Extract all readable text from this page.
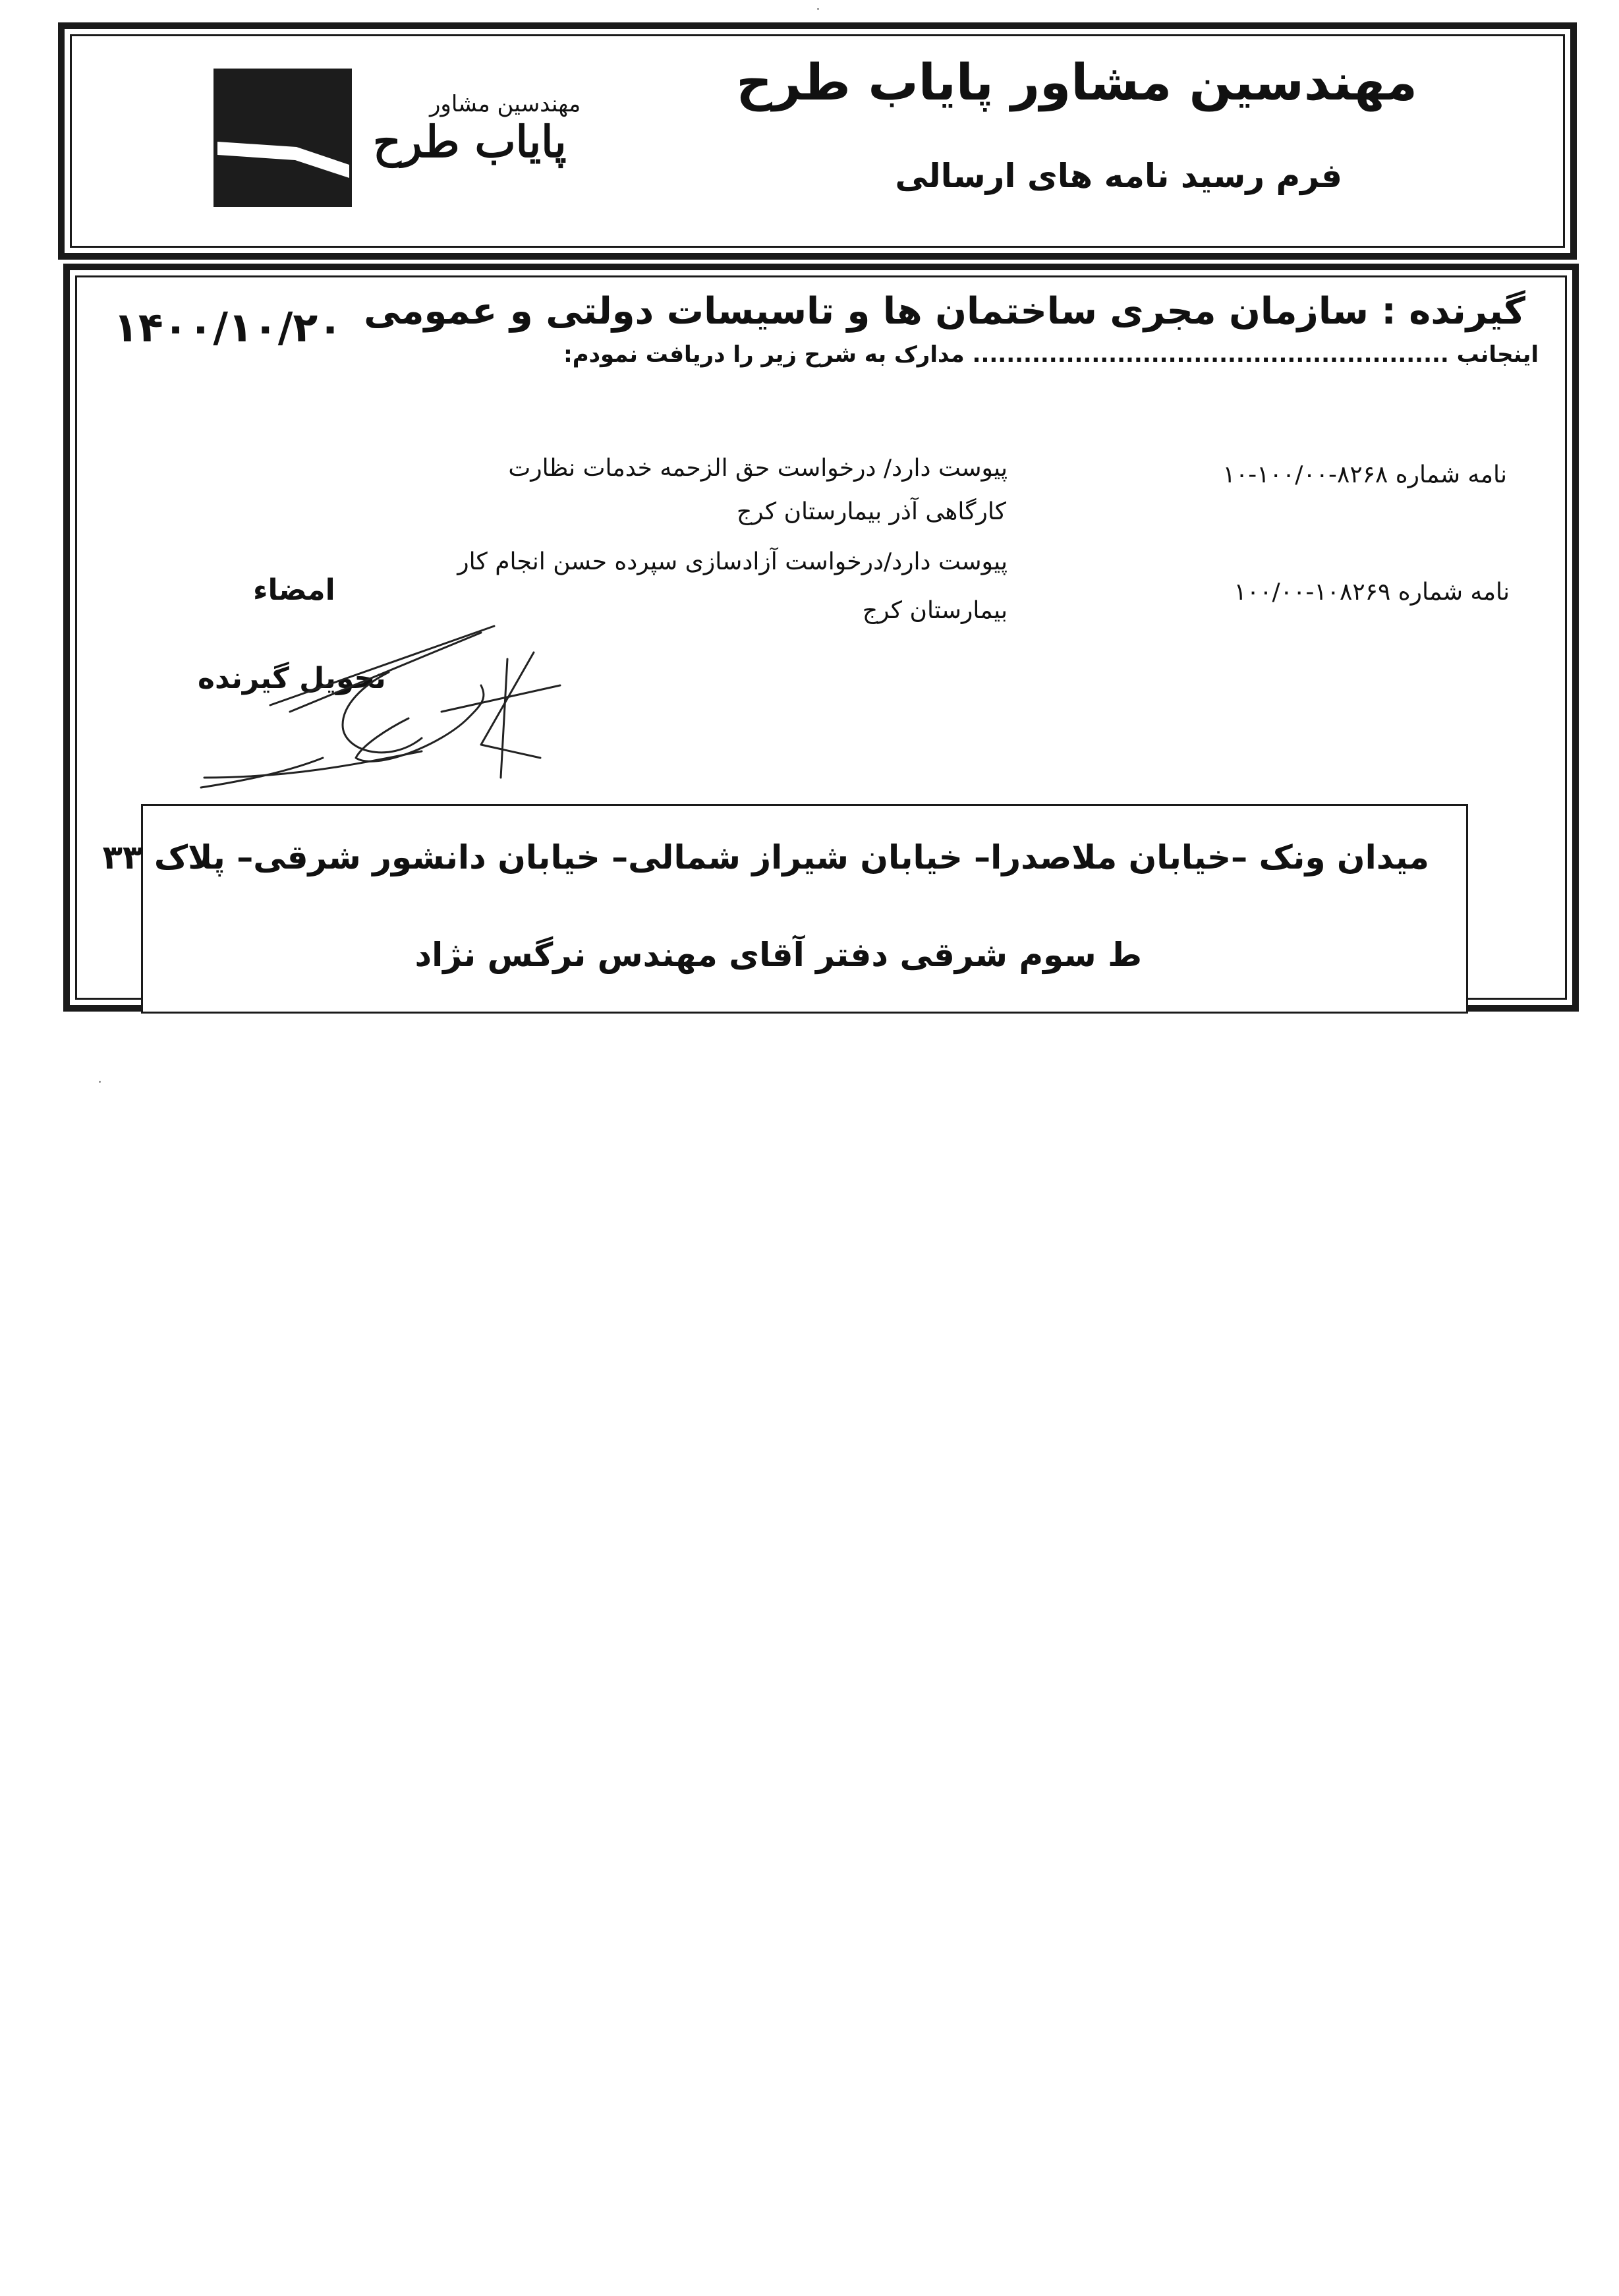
مهندسین مشاور
پایاب طرح
مهندسین مشاور پایاب طرح
فرم رسید نامه های ارسالی
گیرنده : سازمان مجری ساختمان ها و تاسیسات دولتی و عمومی
۱۴۰۰/۱۰/۲۰
اینجانب ........................................................ مدارک به شرح زیر را دریافت نمودم:
نامه شماره ۸۲۶۸-۱۰۰/۰۰-۱۰
پیوست دارد/ درخواست حق الزحمه خدمات نظارت
کارگاهی آذر بیمارستان کرج
نامه شماره ۱۰۸۲۶۹-۱۰۰/۰۰
پیوست دارد/درخواست آزادسازی سپرده حسن انجام کار
بیمارستان کرج
امضاء
تحویل گیرنده
میدان ونک –خیابان ملاصدرا– خیابان شیراز شمالی– خیابان دانشور شرقی– پلاک ۳۳
ط سوم شرقی دفتر آقای مهندس نرگس نژاد
